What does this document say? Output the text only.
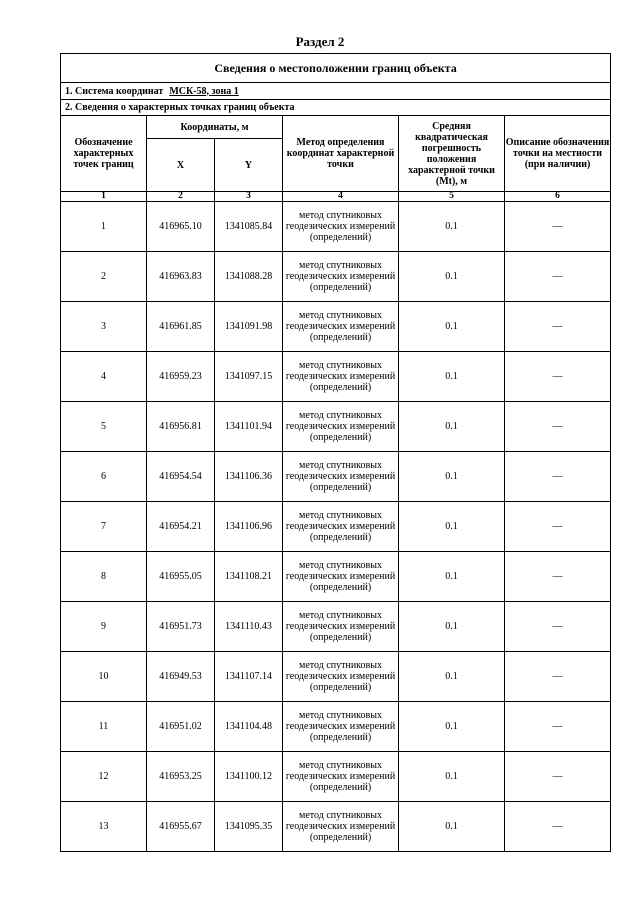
Раздел 2
Сведения о местоположении границ объекта					
1. Система координат МСК-58, зона 1					
2. Сведения о характерных точках границ объекта					
Обозначение характерных точек границ	Координаты, м		Метод определения координат характерной точки	Средняя квадратическая погрешность положения характерной точки (Mt), м	Описание обозначения точки на местности (при наличии)
	X	Y			
1	2	3	4	5	6
1	416965.10	1341085.84	метод спутниковых геодезических измерений (определений)	0.1	—
2	416963.83	1341088.28	метод спутниковых геодезических измерений (определений)	0.1	—
3	416961.85	1341091.98	метод спутниковых геодезических измерений (определений)	0.1	—
4	416959.23	1341097.15	метод спутниковых геодезических измерений (определений)	0.1	—
5	416956.81	1341101.94	метод спутниковых геодезических измерений (определений)	0.1	—
6	416954.54	1341106.36	метод спутниковых геодезических измерений (определений)	0.1	—
7	416954.21	1341106.96	метод спутниковых геодезических измерений (определений)	0.1	—
8	416955.05	1341108.21	метод спутниковых геодезических измерений (определений)	0.1	—
9	416951.73	1341110.43	метод спутниковых геодезических измерений (определений)	0.1	—
10	416949.53	1341107.14	метод спутниковых геодезических измерений (определений)	0.1	—
11	416951.02	1341104.48	метод спутниковых геодезических измерений (определений)	0.1	—
12	416953.25	1341100.12	метод спутниковых геодезических измерений (определений)	0.1	—
13	416955.67	1341095.35	метод спутниковых геодезических измерений (определений)	0.1	—
